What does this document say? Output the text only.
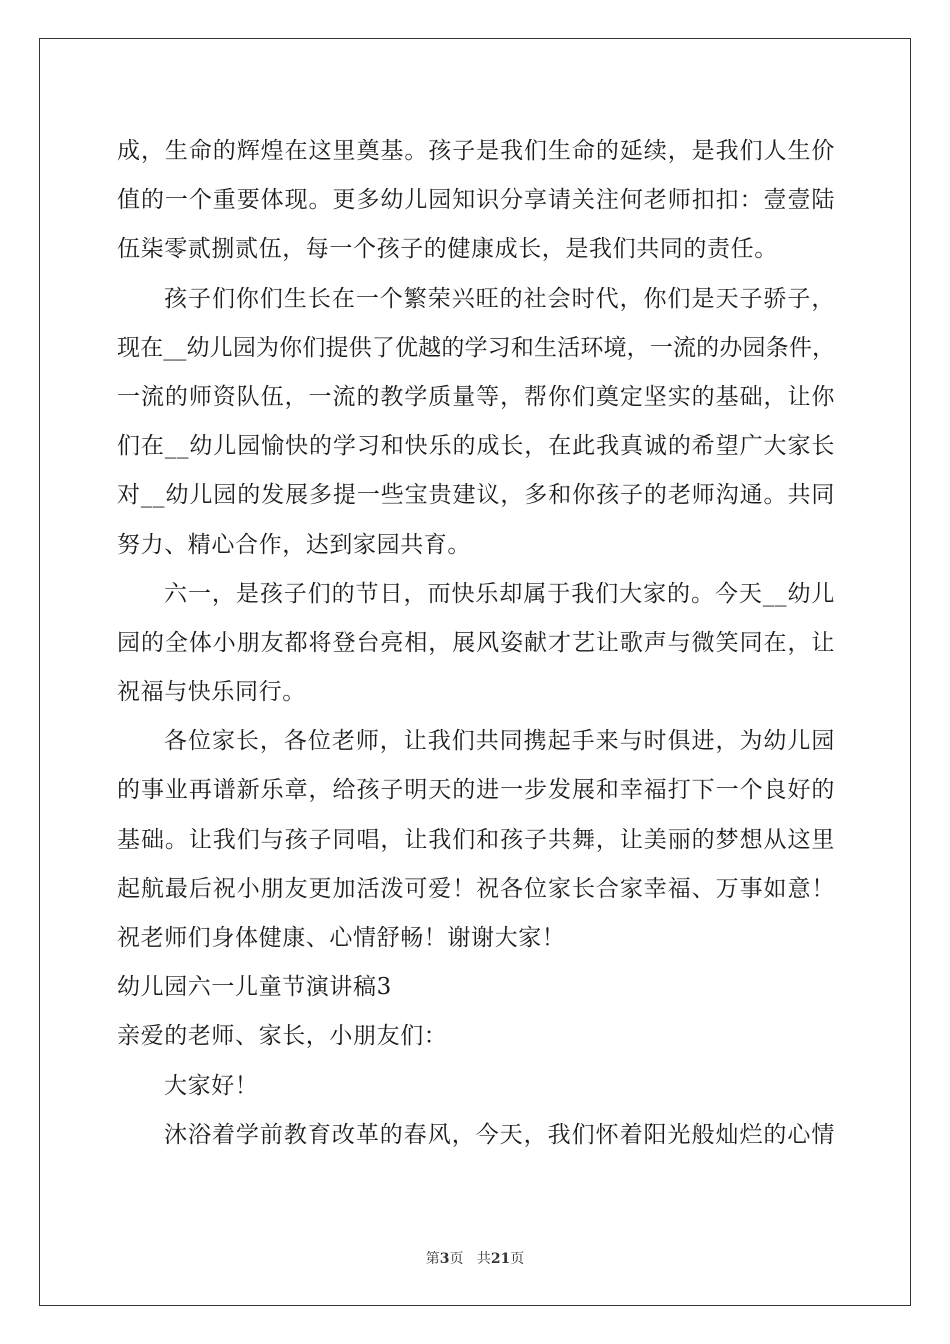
成，生命的辉煌在这里奠基。孩子是我们生命的延续，是我们人生价
值的一个重要体现。更多幼儿园知识分享请关注何老师扣扣：壹壹陆
伍柒零贰捌贰伍，每一个孩子的健康成长，是我们共同的责任。
孩子们你们生长在一个繁荣兴旺的社会时代，你们是天子骄子，
现在__幼儿园为你们提供了优越的学习和生活环境，一流的办园条件，
一流的师资队伍，一流的教学质量等，帮你们奠定坚实的基础，让你
们在__幼儿园愉快的学习和快乐的成长，在此我真诚的希望广大家长
对__幼儿园的发展多提一些宝贵建议，多和你孩子的老师沟通。共同
努力、精心合作，达到家园共育。
六一，是孩子们的节日，而快乐却属于我们大家的。今天__幼儿
园的全体小朋友都将登台亮相，展风姿献才艺让歌声与微笑同在，让
祝福与快乐同行。
各位家长，各位老师，让我们共同携起手来与时俱进，为幼儿园
的事业再谱新乐章，给孩子明天的进一步发展和幸福打下一个良好的
基础。让我们与孩子同唱，让我们和孩子共舞，让美丽的梦想从这里
起航最后祝小朋友更加活泼可爱！祝各位家长合家幸福、万事如意！
祝老师们身体健康、心情舒畅！谢谢大家！
幼儿园六一儿童节演讲稿3
亲爱的老师、家长，小朋友们：
大家好！
沐浴着学前教育改革的春风，今天，我们怀着阳光般灿烂的心情
第3页 共21页
